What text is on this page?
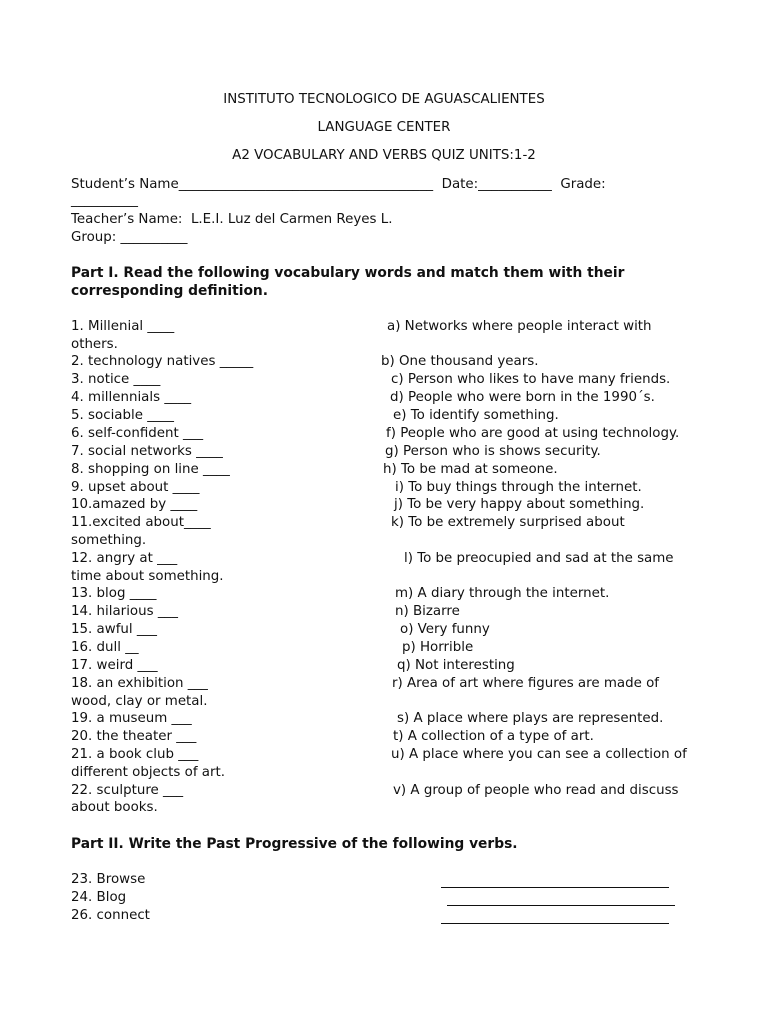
INSTITUTO TECNOLOGICO DE AGUASCALIENTES
LANGUAGE CENTER
A2 VOCABULARY AND VERBS QUIZ UNITS:1-2
Student’s Name______________________________________  Date:___________  Grade:
__________
Teacher’s Name:  L.E.I. Luz del Carmen Reyes L.
Group: __________
Part I. Read the following vocabulary words and match them with their
corresponding definition.
1. Millenial ____	a) Networks where people interact with
others.
2. technology natives _____	b) One thousand years.
3. notice ____	c) Person who likes to have many friends.
4. millennials ____	d) People who were born in the 1990´s.
5. sociable ____	e) To identify something.
6. self-confident ___	f) People who are good at using technology.
7. social networks ____	g) Person who is shows security.
8. shopping on line ____	h) To be mad at someone.
9. upset about ____	i) To buy things through the internet.
10.amazed by ____	j) To be very happy about something.
11.excited about____	k) To be extremely surprised about
something.
12. angry at ___	l) To be preocupied and sad at the same
time about something.
13. blog ____	m) A diary through the internet.
14. hilarious ___	n) Bizarre
15. awful ___	o) Very funny
16. dull __	p) Horrible
17. weird ___	q) Not interesting
18. an exhibition ___	r) Area of art where figures are made of
wood, clay or metal.
19. a museum ___	s) A place where plays are represented.
20. the theater ___	t) A collection of a type of art.
21. a book club ___	u) A place where you can see a collection of
different objects of art.
22. sculpture ___	v) A group of people who read and discuss
about books.
Part II. Write the Past Progressive of the following verbs.
23. Browse
24. Blog
26. connect
